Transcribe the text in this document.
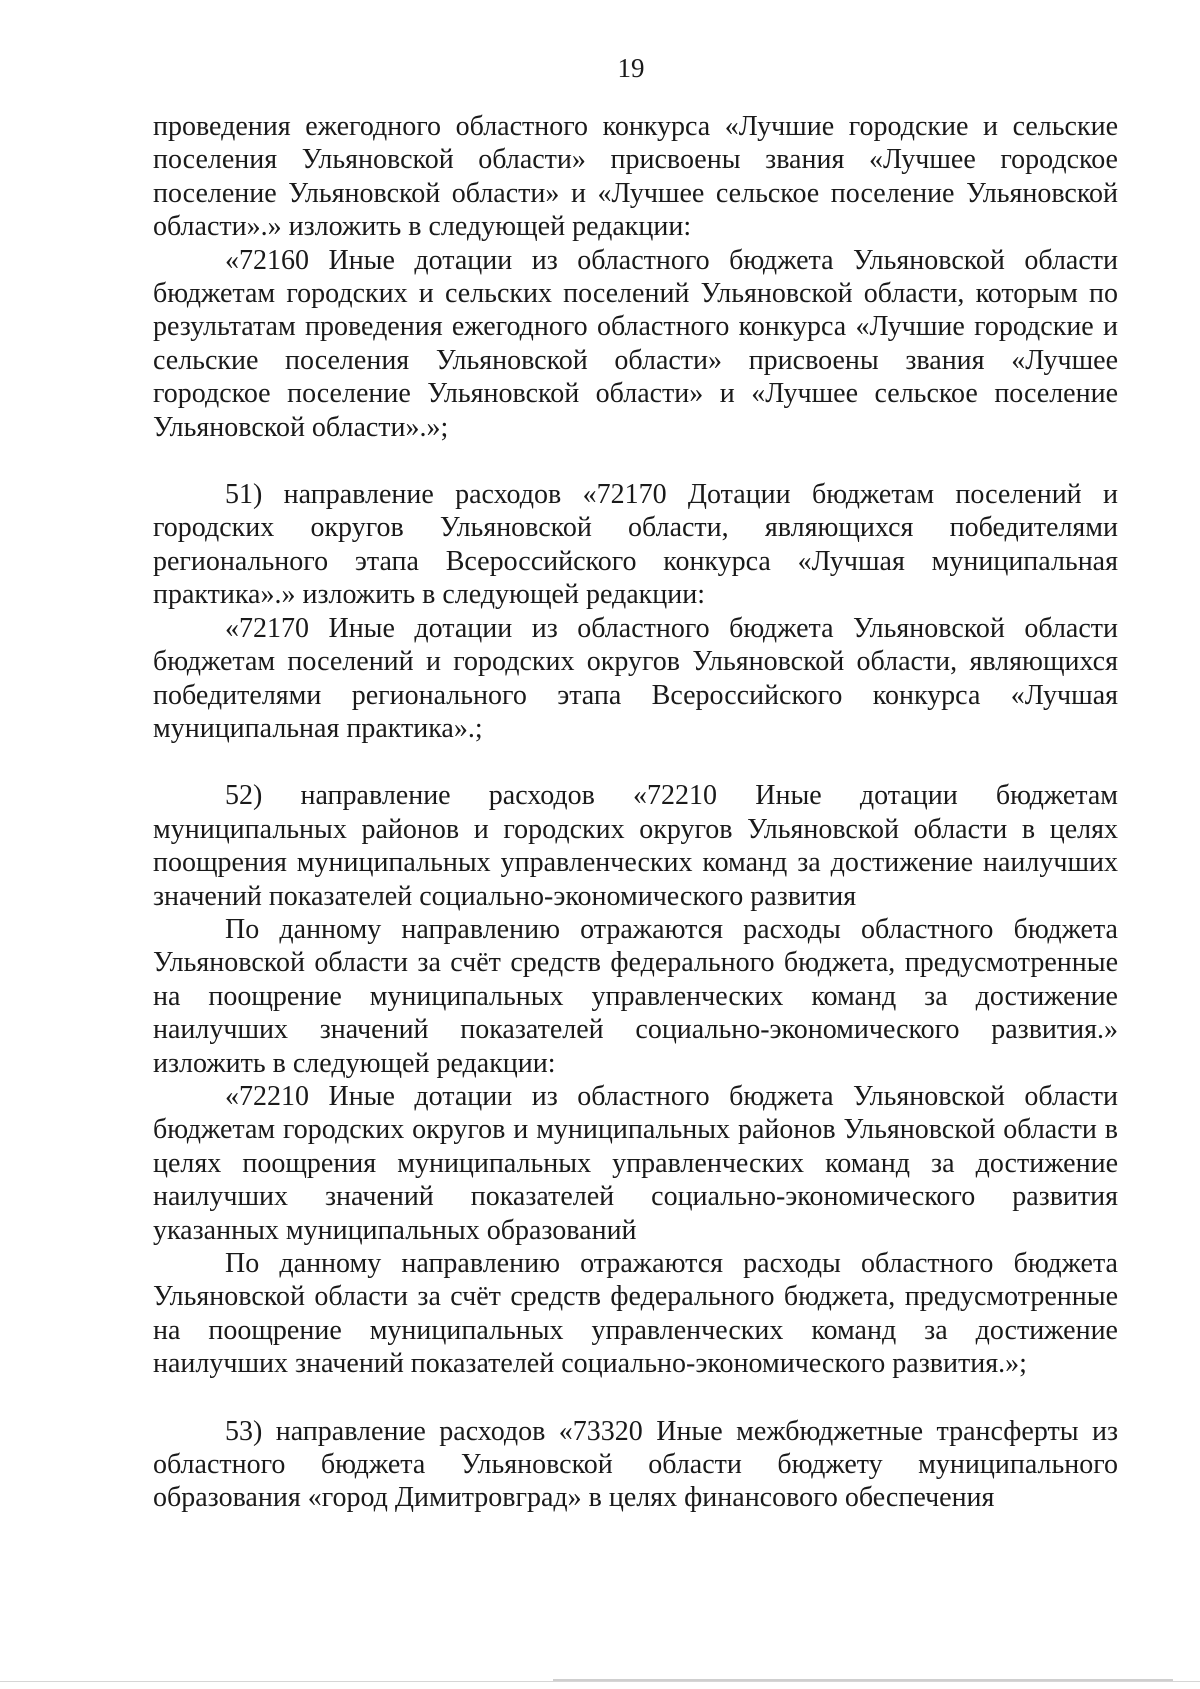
19

проведения ежегодного областного конкурса «Лучшие городские и сельские поселения Ульяновской области» присвоены звания «Лучшее городское поселение Ульяновской области» и «Лучшее сельское поселение Ульяновской области».» изложить в следующей редакции:

«72160 Иные дотации из областного бюджета Ульяновской области бюджетам городских и сельских поселений Ульяновской области, которым по результатам проведения ежегодного областного конкурса «Лучшие городские и сельские поселения Ульяновской области» присвоены звания «Лучшее городское поселение Ульяновской области» и «Лучшее сельское поселение Ульяновской области».»;

51) направление расходов «72170 Дотации бюджетам поселений и городских округов Ульяновской области, являющихся победителями регионального этапа Всероссийского конкурса «Лучшая муниципальная практика».» изложить в следующей редакции:

«72170 Иные дотации из областного бюджета Ульяновской области бюджетам поселений и городских округов Ульяновской области, являющихся победителями регионального этапа Всероссийского конкурса «Лучшая муниципальная практика».;

52) направление расходов «72210 Иные дотации бюджетам муниципальных районов и городских округов Ульяновской области в целях поощрения муниципальных управленческих команд за достижение наилучших значений показателей социально-экономического развития

По данному направлению отражаются расходы областного бюджета Ульяновской области за счёт средств федерального бюджета, предусмотренные на поощрение муниципальных управленческих команд за достижение наилучших значений показателей социально-экономического развития.» изложить в следующей редакции:

«72210 Иные дотации из областного бюджета Ульяновской области бюджетам городских округов и муниципальных районов Ульяновской области в целях поощрения муниципальных управленческих команд за достижение наилучших значений показателей социально-экономического развития указанных муниципальных образований

По данному направлению отражаются расходы областного бюджета Ульяновской области за счёт средств федерального бюджета, предусмотренные на поощрение муниципальных управленческих команд за достижение наилучших значений показателей социально-экономического развития.»;

53) направление расходов «73320 Иные межбюджетные трансферты из областного бюджета Ульяновской области бюджету муниципального образования «город Димитровград» в целях финансового обеспечения
